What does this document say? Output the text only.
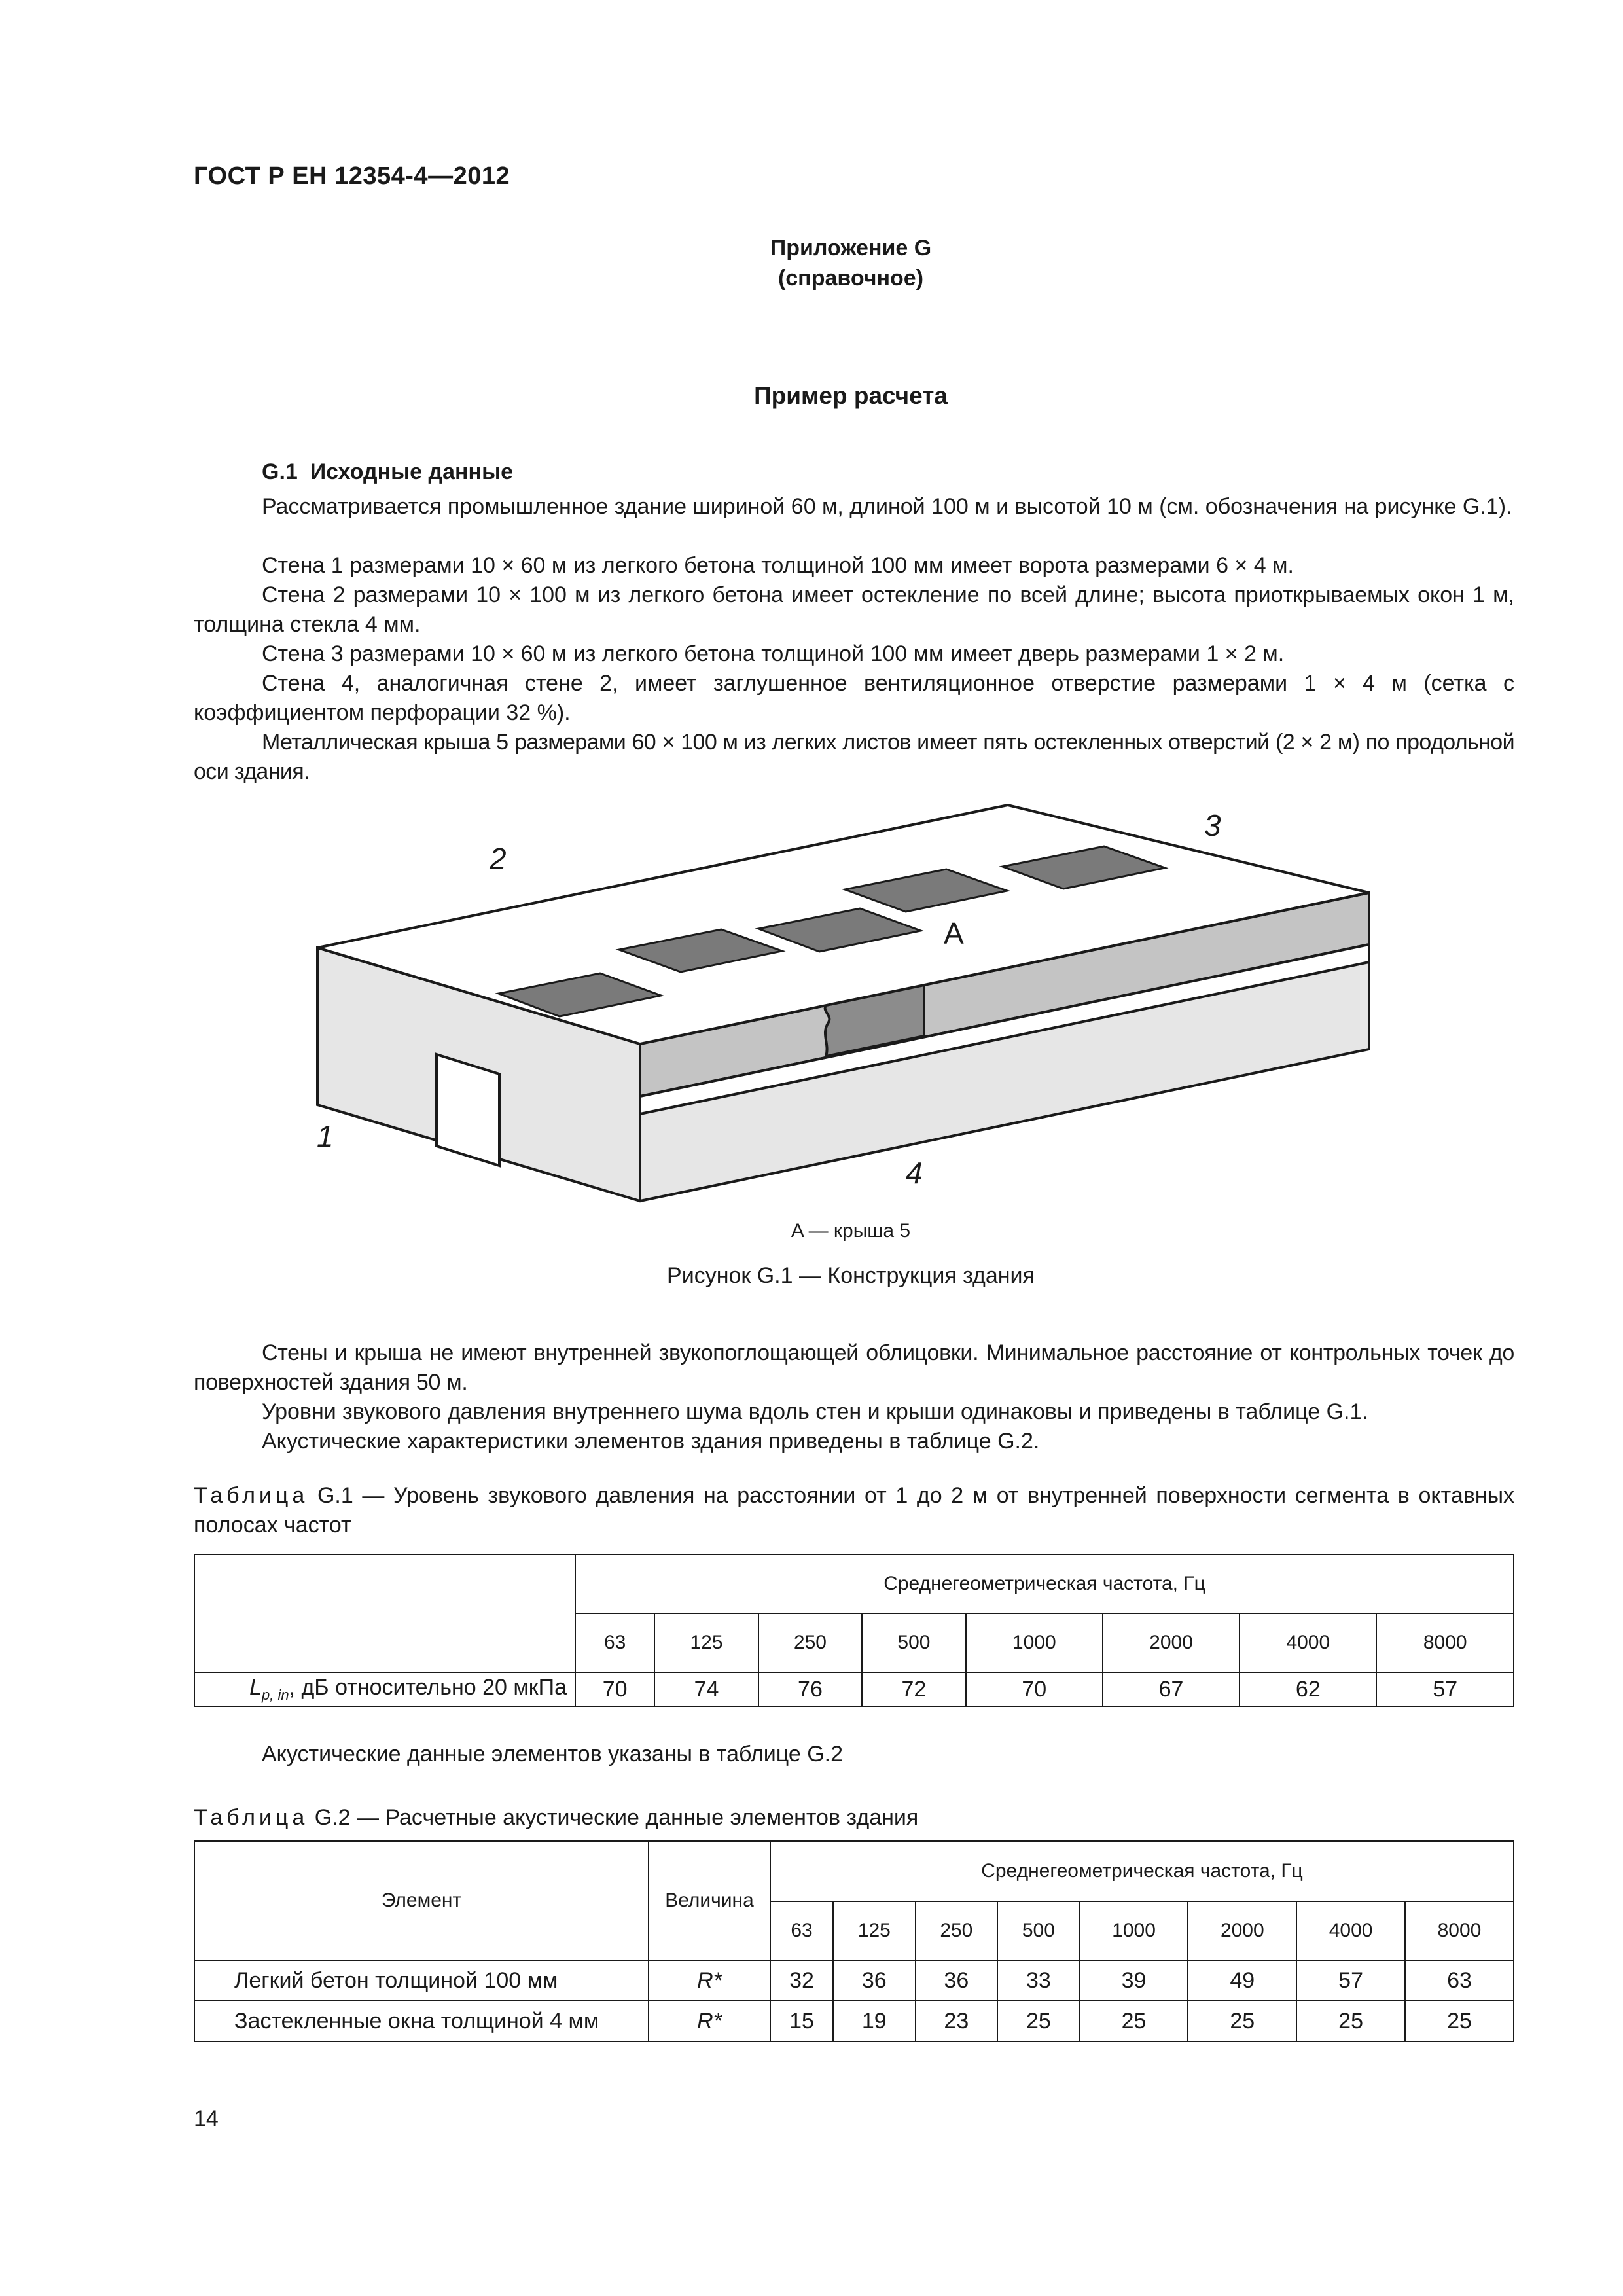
ГОСТ Р ЕН 12354-4—2012
Приложение G
(справочное)
Пример расчета
G.1 Исходные данные
Рассматривается промышленное здание шириной 60 м, длиной 100 м и высотой 10 м (см. обозначения на рисунке G.1).
Стена 1 размерами 10 × 60 м из легкого бетона толщиной 100 мм имеет ворота размерами 6 × 4 м.
Стена 2 размерами 10 × 100 м из легкого бетона имеет остекление по всей длине; высота приоткрываемых окон 1 м, толщина стекла 4 мм.
Стена 3 размерами 10 × 60 м из легкого бетона толщиной 100 мм имеет дверь размерами 1 × 2 м.
Стена 4, аналогичная стене 2, имеет заглушенное вентиляционное отверстие размерами 1 × 4 м (сетка с коэффициентом перфорации 32 %).
Металлическая крыша 5 размерами 60 × 100 м из легких листов имеет пять остекленных отверстий (2 × 2 м) по продольной оси здания.
2
3
A
1
4
A — крыша 5
Рисунок G.1 — Конструкция здания
Стены и крыша не имеют внутренней звукопоглощающей облицовки. Минимальное расстояние от контрольных точек до поверхностей здания 50 м.
Уровни звукового давления внутреннего шума вдоль стен и крыши одинаковы и приведены в таблице G.1.
Акустические характеристики элементов здания приведены в таблице G.2.
Таблица G.1 — Уровень звукового давления на расстоянии от 1 до 2 м от внутренней поверхности сегмента в октавных полосах частот
	Среднегеометрическая частота, Гц							
	63	125	250	500	1000	2000	4000	8000
$L_{p, in}$, дБ относительно 20 мкПа	70	74	76	72	70	67	62	57
Акустические данные элементов указаны в таблице G.2
Таблица G.2 — Расчетные акустические данные элементов здания
Элемент	Величина	Среднегеометрическая частота, Гц							
		63	125	250	500	1000	2000	4000	8000
Легкий бетон толщиной 100 мм	R*	32	36	36	33	39	49	57	63
Застекленные окна толщиной 4 мм	R*	15	19	23	25	25	25	25	25
14
